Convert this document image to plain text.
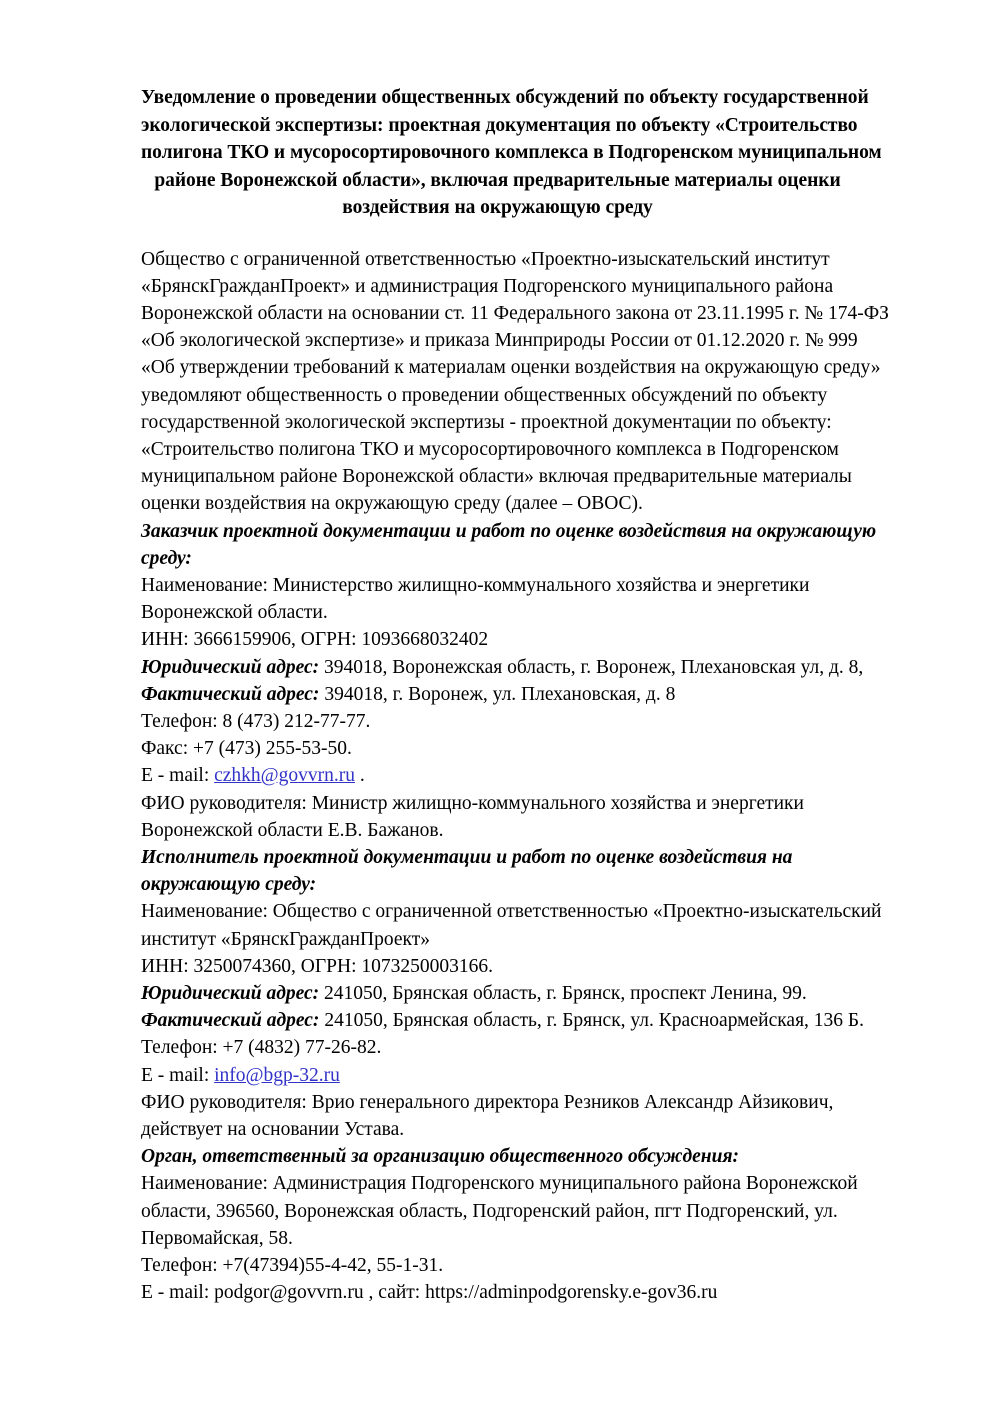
Уведомление о проведении общественных обсуждений по объекту государственной
экологической экспертизы: проектная документация по объекту «Строительство
полигона ТКО и мусоросортировочного комплекса в Подгоренском муниципальном
районе Воронежской области», включая предварительные материалы оценки
воздействия на окружающую среду
Общество с ограниченной ответственностью «Проектно-изыскательский институт
«БрянскГражданПроект» и администрация Подгоренского муниципального района
Воронежской области на основании ст. 11 Федерального закона от 23.11.1995 г. № 174-ФЗ
«Об экологической экспертизе» и приказа Минприроды России от 01.12.2020 г. № 999
«Об утверждении требований к материалам оценки воздействия на окружающую среду»
уведомляют общественность о проведении общественных обсуждений по объекту
государственной экологической экспертизы - проектной документации по объекту:
«Строительство полигона ТКО и мусоросортировочного комплекса в Подгоренском
муниципальном районе Воронежской области» включая предварительные материалы
оценки воздействия на окружающую среду (далее – ОВОС).
Заказчик проектной документации и работ по оценке воздействия на окружающую
среду:
Наименование: Министерство жилищно-коммунального хозяйства и энергетики
Воронежской области.
ИНН: 3666159906, ОГРН: 1093668032402
Юридический адрес: 394018, Воронежская область, г. Воронеж, Плехановская ул, д. 8,
Фактический адрес: 394018, г. Воронеж, ул. Плехановская, д. 8
Телефон: 8 (473) 212-77-77.
Факс: +7 (473) 255-53-50.
E - mail: czhkh@govvrn.ru .
ФИО руководителя: Министр жилищно-коммунального хозяйства и энергетики
Воронежской области Е.В. Бажанов.
Исполнитель проектной документации и работ по оценке воздействия на
окружающую среду:
Наименование: Общество с ограниченной ответственностью «Проектно-изыскательский
институт «БрянскГражданПроект»
ИНН: 3250074360, ОГРН: 1073250003166.
Юридический адрес: 241050, Брянская область, г. Брянск, проспект Ленина, 99.
Фактический адрес: 241050, Брянская область, г. Брянск, ул. Красноармейская, 136 Б.
Телефон: +7 (4832) 77-26-82.
E - mail: info@bgp-32.ru
ФИО руководителя: Врио генерального директора Резников Александр Айзикович,
действует на основании Устава.
Орган, ответственный за организацию общественного обсуждения:
Наименование: Администрация Подгоренского муниципального района Воронежской
области, 396560, Воронежская область, Подгоренский район, пгт Подгоренский, ул.
Первомайская, 58.
Телефон: +7(47394)55-4-42, 55-1-31.
E - mail: podgor@govvrn.ru , сайт: https://adminpodgorensky.e-gov36.ru
